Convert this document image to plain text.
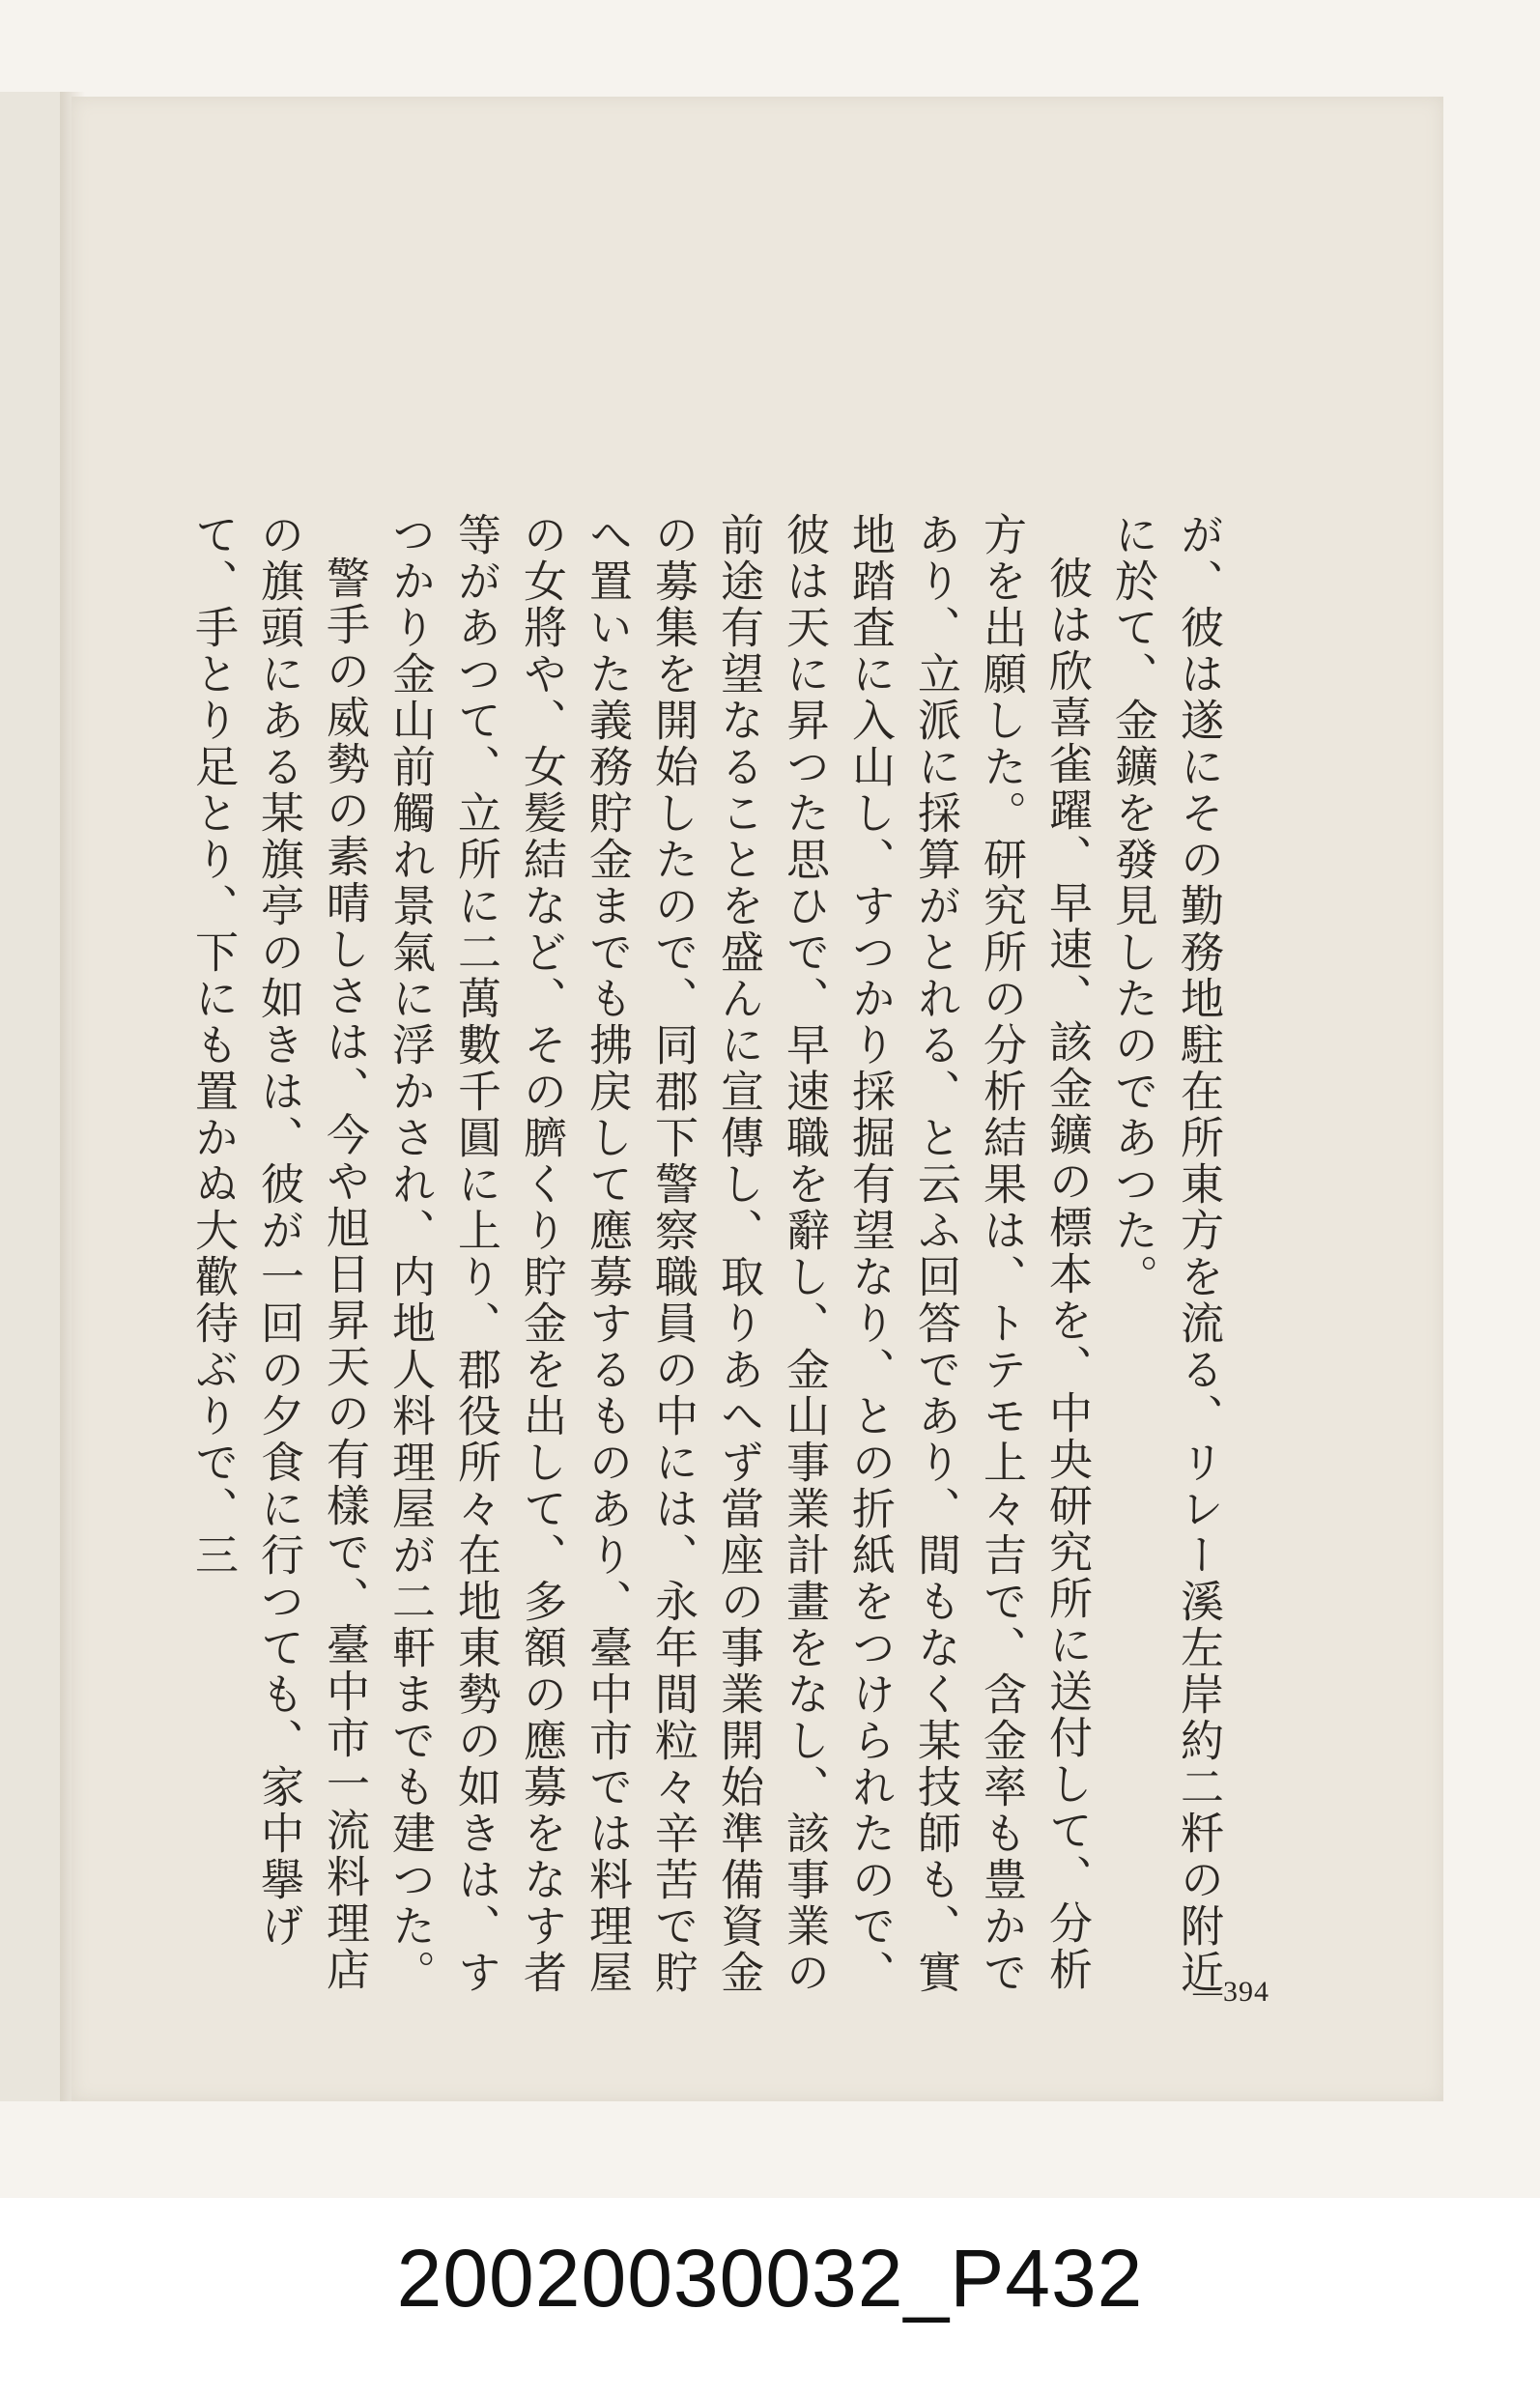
が、彼は遂にその勤務地駐在所東方を流る、リレー溪左岸約二粁の附近に於て、金鑛を發見したのであつた。

彼は欣喜雀躍、早速、該金鑛の標本を、中央研究所に送付して、分析方を出願した。研究所の分析結果は、トテモ上々吉で、含金率も豊かであり、立派に採算がとれる、と云ふ回答であり、間もなく某技師も、實地踏査に入山し、すつかり採掘有望なり、との折紙をつけられたので、彼は天に昇つた思ひで、早速職を辭し、金山事業計畫をなし、該事業の前途有望なることを盛んに宣傳し、取りあへず當座の事業開始準備資金の募集を開始したので、同郡下警察職員の中には、永年間粒々辛苦で貯へ置いた義務貯金までも拂戻して應募するものあり、臺中市では料理屋の女將や、女髪結など、その臍くり貯金を出して、多額の應募をなす者等があつて、立所に二萬數千圓に上り、郡役所々在地東勢の如きは、すつかり金山前觸れ景氣に浮かされ、内地人料理屋が二軒までも建つた。

警手の威勢の素晴しさは、今や旭日昇天の有樣で、臺中市一流料理店の旗頭にある某旗亭の如きは、彼が一回の夕食に行つても、家中擧げて、手とり足とり、下にも置かぬ大歡待ぶりで、三

—394
20020030032_P432
